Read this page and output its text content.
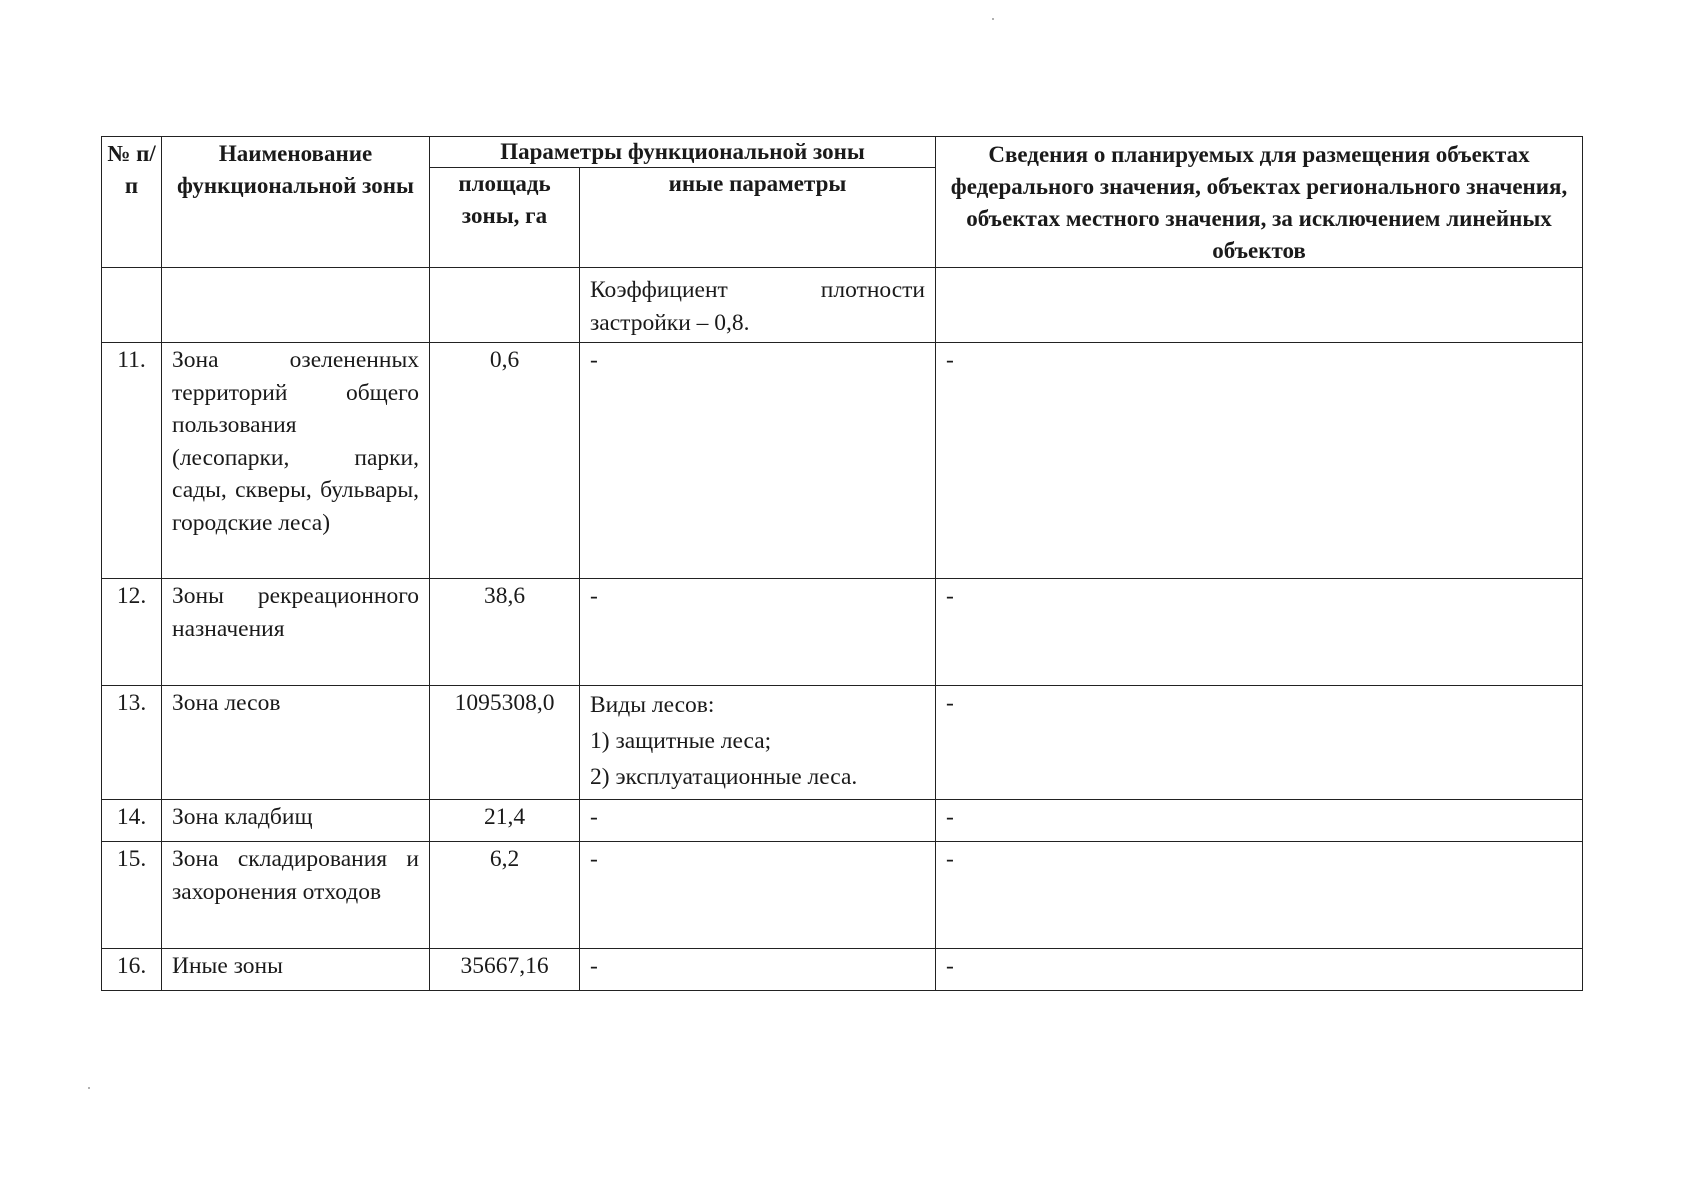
№ п/ п	Наименование функциональной зоны	Параметры функциональной зоны		Сведения о планируемых для размещения объектах федерального значения, объектах регионального значения, объектах местного значения, за исключением линейных объектов
		площадь зоны, га	иные параметры	

			Коэффициент плотности
застройки – 0,8.	

11.	Зона озелененных территорий общего пользования (лесопарки, парки, сады, скверы, бульвары, городские леса)	0,6	-	-
12.	Зоны рекреационного назначения	38,6	-	-
13.	Зона лесов	1095308,0	Виды лесов:
1) защитные леса;
2) эксплуатационные леса.	-
14.	Зона кладбищ	21,4	-	-
15.	Зона складирования и захоронения отходов	6,2	-	-
16.	Иные зоны	35667,16	-	-
